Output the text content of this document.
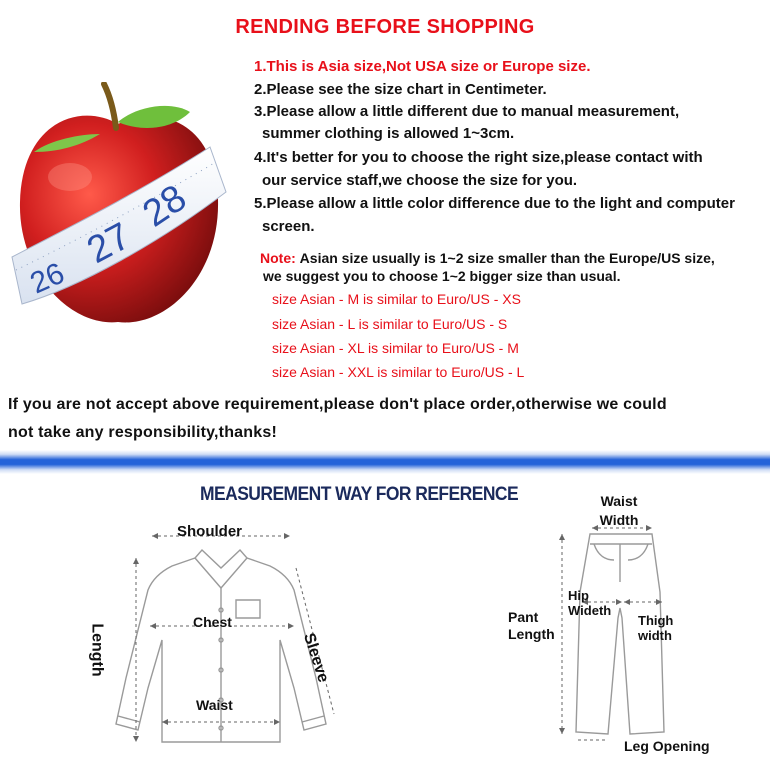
RENDING BEFORE SHOPPING
26
27
28
1.This is Asia size,Not USA size or Europe size.
2.Please see the size chart in Centimeter.
3.Please allow a little different due to manual measurement,
summer clothing is allowed 1~3cm.
4.It's better for you to choose the right size,please contact with
our service staff,we choose the size for you.
5.Please allow a little color difference due to the light and computer
screen.
Note: Asian size usually is 1~2 size smaller than the Europe/US size,
we suggest you to choose 1~2 bigger size than usual.
size Asian - M is similar to Euro/US - XS
size Asian - L is similar to Euro/US - S
size Asian - XL is similar to Euro/US - M
size Asian - XXL is similar to Euro/US - L
If you are not accept above requirement,please don't place order,otherwise we could
not take any responsibility,thanks!
MEASUREMENT WAY FOR REFERENCE
Shoulder
Chest
Waist
Length	Sleeve
Waist Width
Hip Wideth
Thigh width
Pant Length
Leg Opening
